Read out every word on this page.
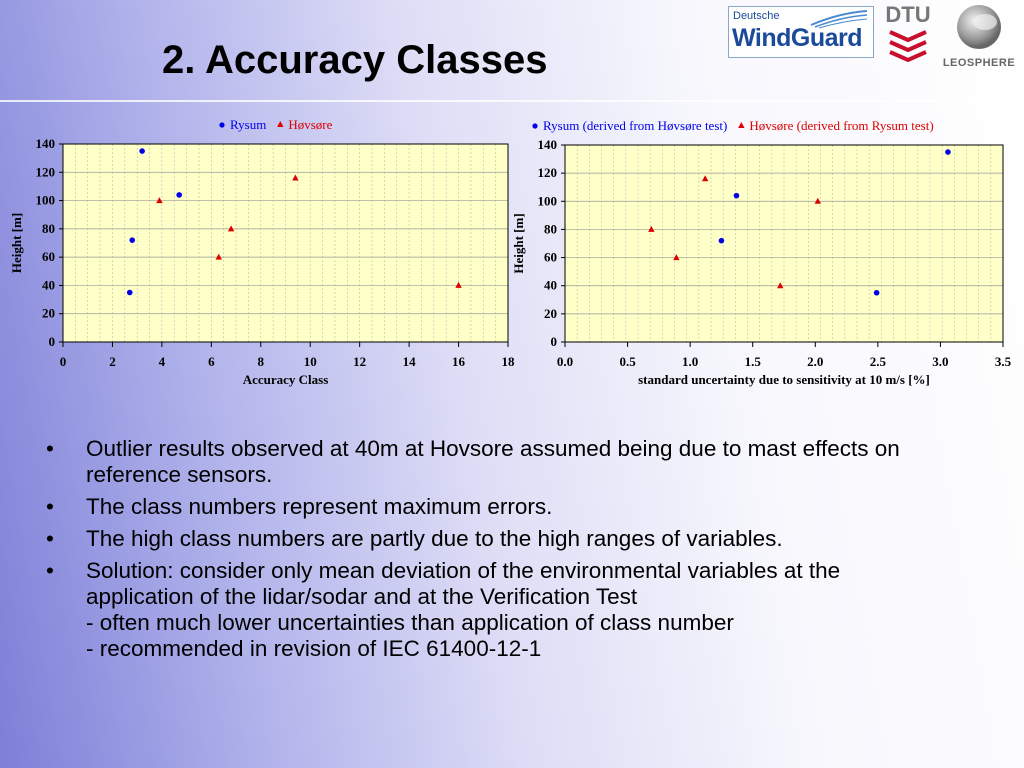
2. Accuracy Classes
Deutsche
WindGuard
DTU
LEOSPHERE
0
20
40
60
80
100
120
140
0	2	4	6	8	10	12	14	16	18
Accuracy Class
Height [m]
Rysum Høvsøre
0
20
40
60
80
100
120
140
0.0	0.5	1.0	1.5	2.0	2.5	3.0	3.5
standard uncertainty due to sensitivity at 10 m/s [%]
Height [m]
Rysum (derived from Høvsøre test) Høvsøre (derived from Rysum test)
• Outlier results observed at 40m at Hovsore assumed being due to mast effects on reference sensors.
• The class numbers represent maximum errors.
• The high class numbers are partly due to the high ranges of variables.
• Solution: consider only mean deviation of the environmental variables at the application of the lidar/sodar and at the Verification Test
- often much lower uncertainties than application of class number
- recommended in revision of IEC 61400-12-1
